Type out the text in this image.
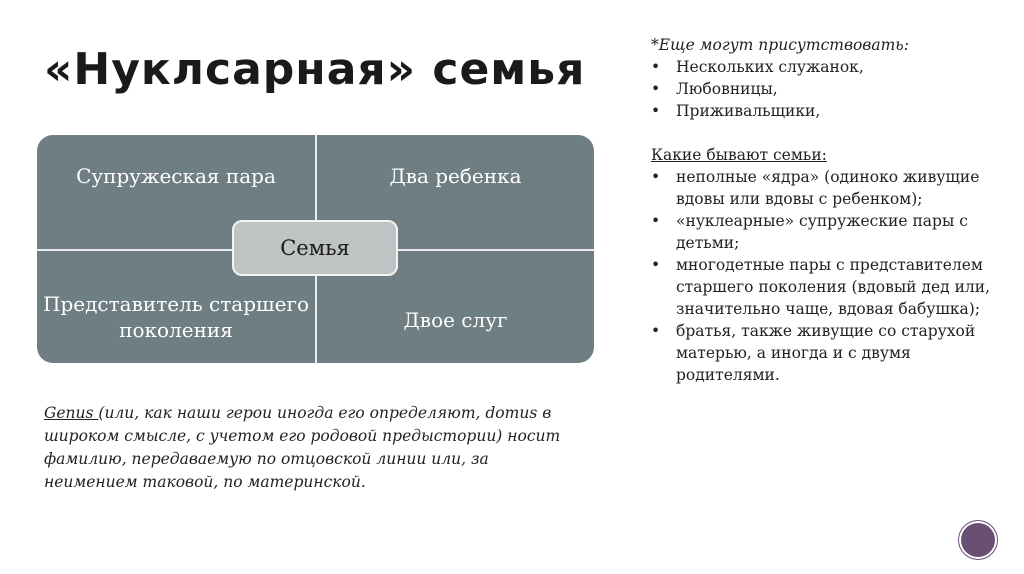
«Нуклсарная» семья
Супружеская пара	Два ребенка
Представитель старшего поколения	Двое слуг
Семья
Genus (или, как наши герои иногда его определяют, domus в широком смысле, с учетом его родовой предыстории) носит фамилию, передаваемую по отцовской линии или, за неимением таковой, по материнской.
*Еще могут присутствовать:
• Нескольких служанок,
• Любовницы,
• Приживальщики,
Какие бывают семьи:
• неполные «ядра» (одиноко живущие вдовы или вдовы с ребенком);
• «нуклеарные» супружеские пары с детьми;
• многодетные пары с представителем старшего поколения (вдовый дед или, значительно чаще, вдовая бабушка);
• братья, также живущие со старухой матерью, а иногда и с двумя родителями.
